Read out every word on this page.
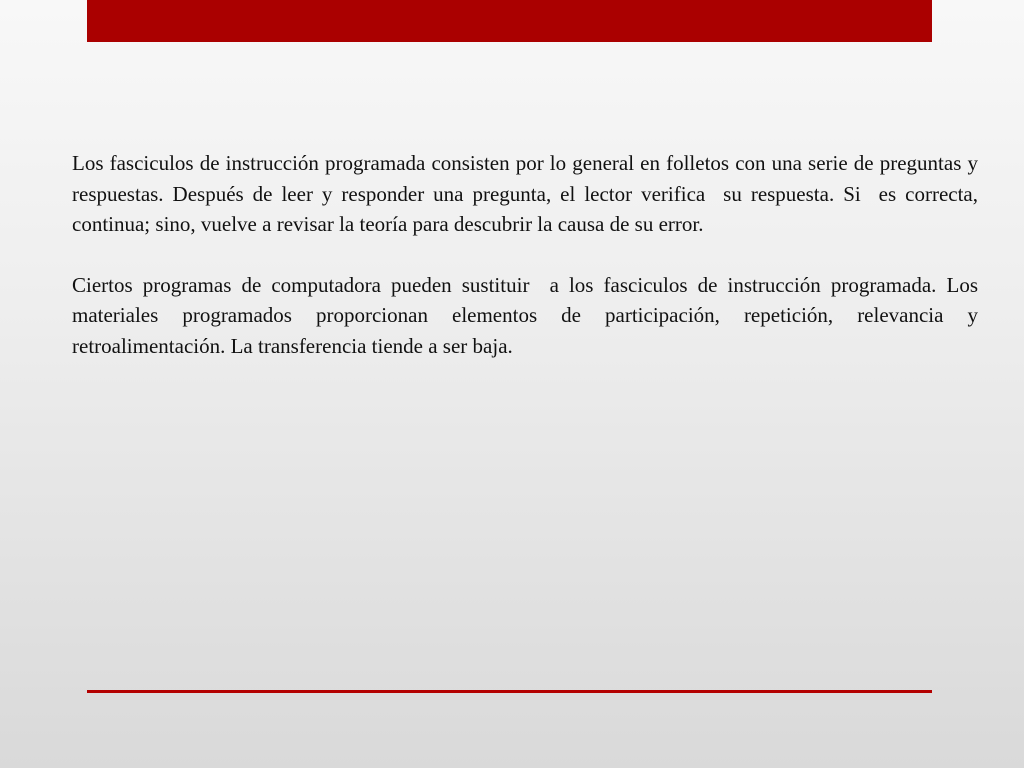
Los fasciculos de instrucción programada consisten por lo general en folletos con una serie de preguntas y respuestas. Después de leer y responder una pregunta, el lector verifica  su respuesta. Si  es correcta, continua; sino, vuelve a revisar la teoría para descubrir la causa de su error.

Ciertos programas de computadora pueden sustituir  a los fasciculos de instrucción programada. Los materiales programados proporcionan elementos de participación, repetición, relevancia y retroalimentación. La transferencia tiende a ser baja.
